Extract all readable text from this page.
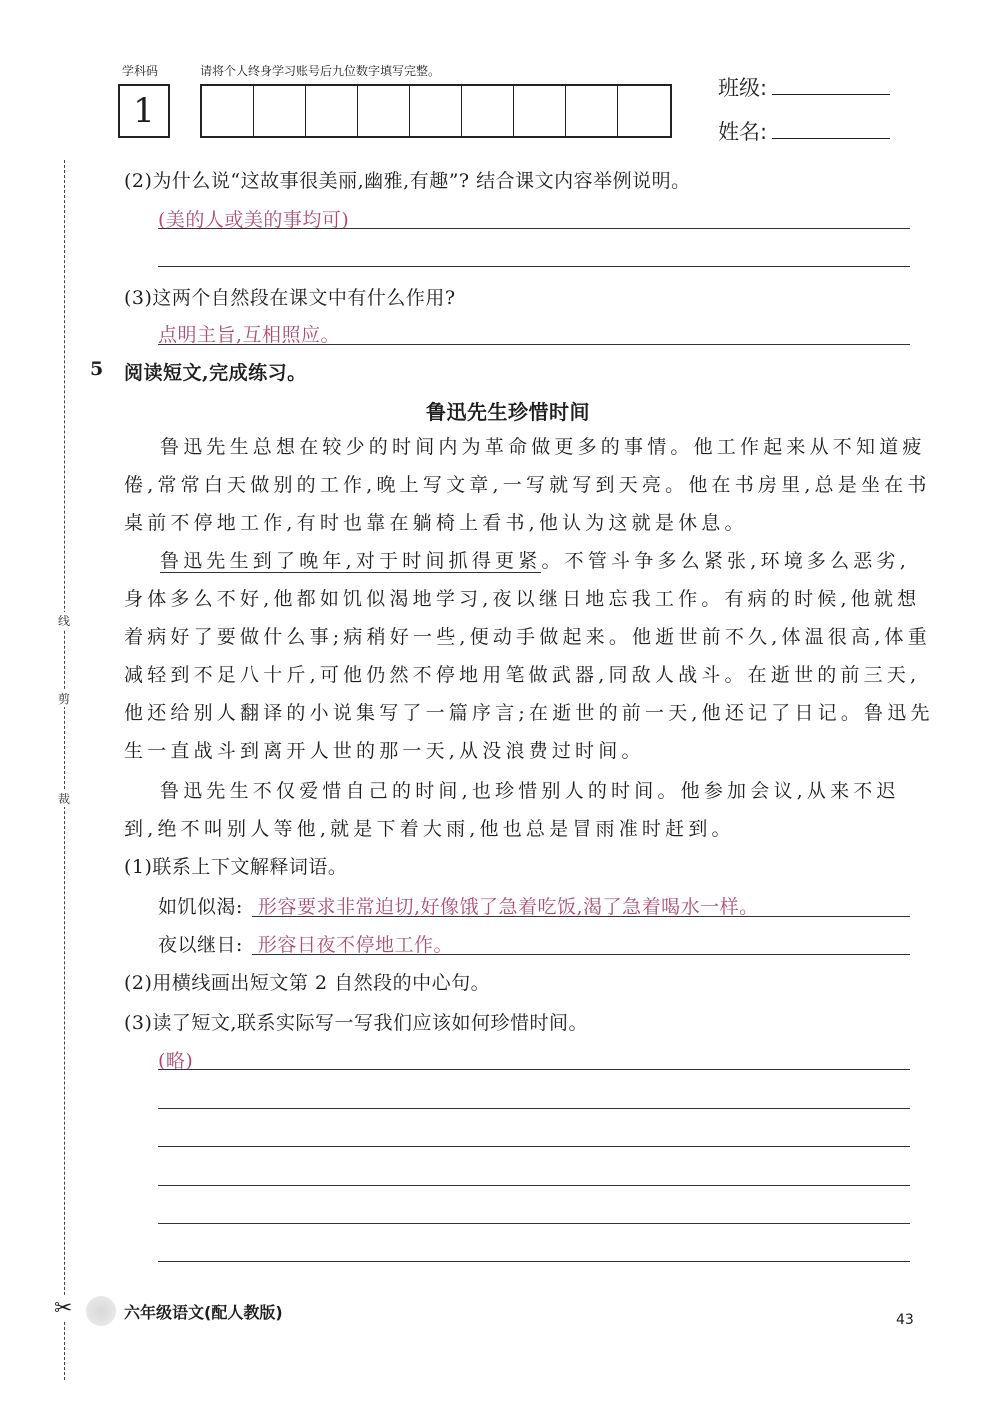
学科码	请将个人终身学习账号后九位数字填写完整。
1
班级:
姓名:
线
剪
裁
✂
(2)为什么说“这故事很美丽,幽雅,有趣”? 结合课文内容举例说明。
(美的人或美的事均可)
(3)这两个自然段在课文中有什么作用?
点明主旨,互相照应。
5 阅读短文,完成练习。
鲁迅先生珍惜时间
鲁迅先生总想在较少的时间内为革命做更多的事情。他工作起来从不知道疲
倦,常常白天做别的工作,晚上写文章,一写就写到天亮。他在书房里,总是坐在书
桌前不停地工作,有时也靠在躺椅上看书,他认为这就是休息。
鲁迅先生到了晚年,对于时间抓得更紧。不管斗争多么紧张,环境多么恶劣,
身体多么不好,他都如饥似渴地学习,夜以继日地忘我工作。有病的时候,他就想
着病好了要做什么事;病稍好一些,便动手做起来。他逝世前不久,体温很高,体重
减轻到不足八十斤,可他仍然不停地用笔做武器,同敌人战斗。在逝世的前三天,
他还给别人翻译的小说集写了一篇序言;在逝世的前一天,他还记了日记。鲁迅先
生一直战斗到离开人世的那一天,从没浪费过时间。
鲁迅先生不仅爱惜自己的时间,也珍惜别人的时间。他参加会议,从来不迟
到,绝不叫别人等他,就是下着大雨,他也总是冒雨准时赶到。
(1)联系上下文解释词语。
如饥似渴: 形容要求非常迫切,好像饿了急着吃饭,渴了急着喝水一样。
夜以继日: 形容日夜不停地工作。
(2)用横线画出短文第 2 自然段的中心句。
(3)读了短文,联系实际写一写我们应该如何珍惜时间。
(略)
六年级语文(配人教版)	43
